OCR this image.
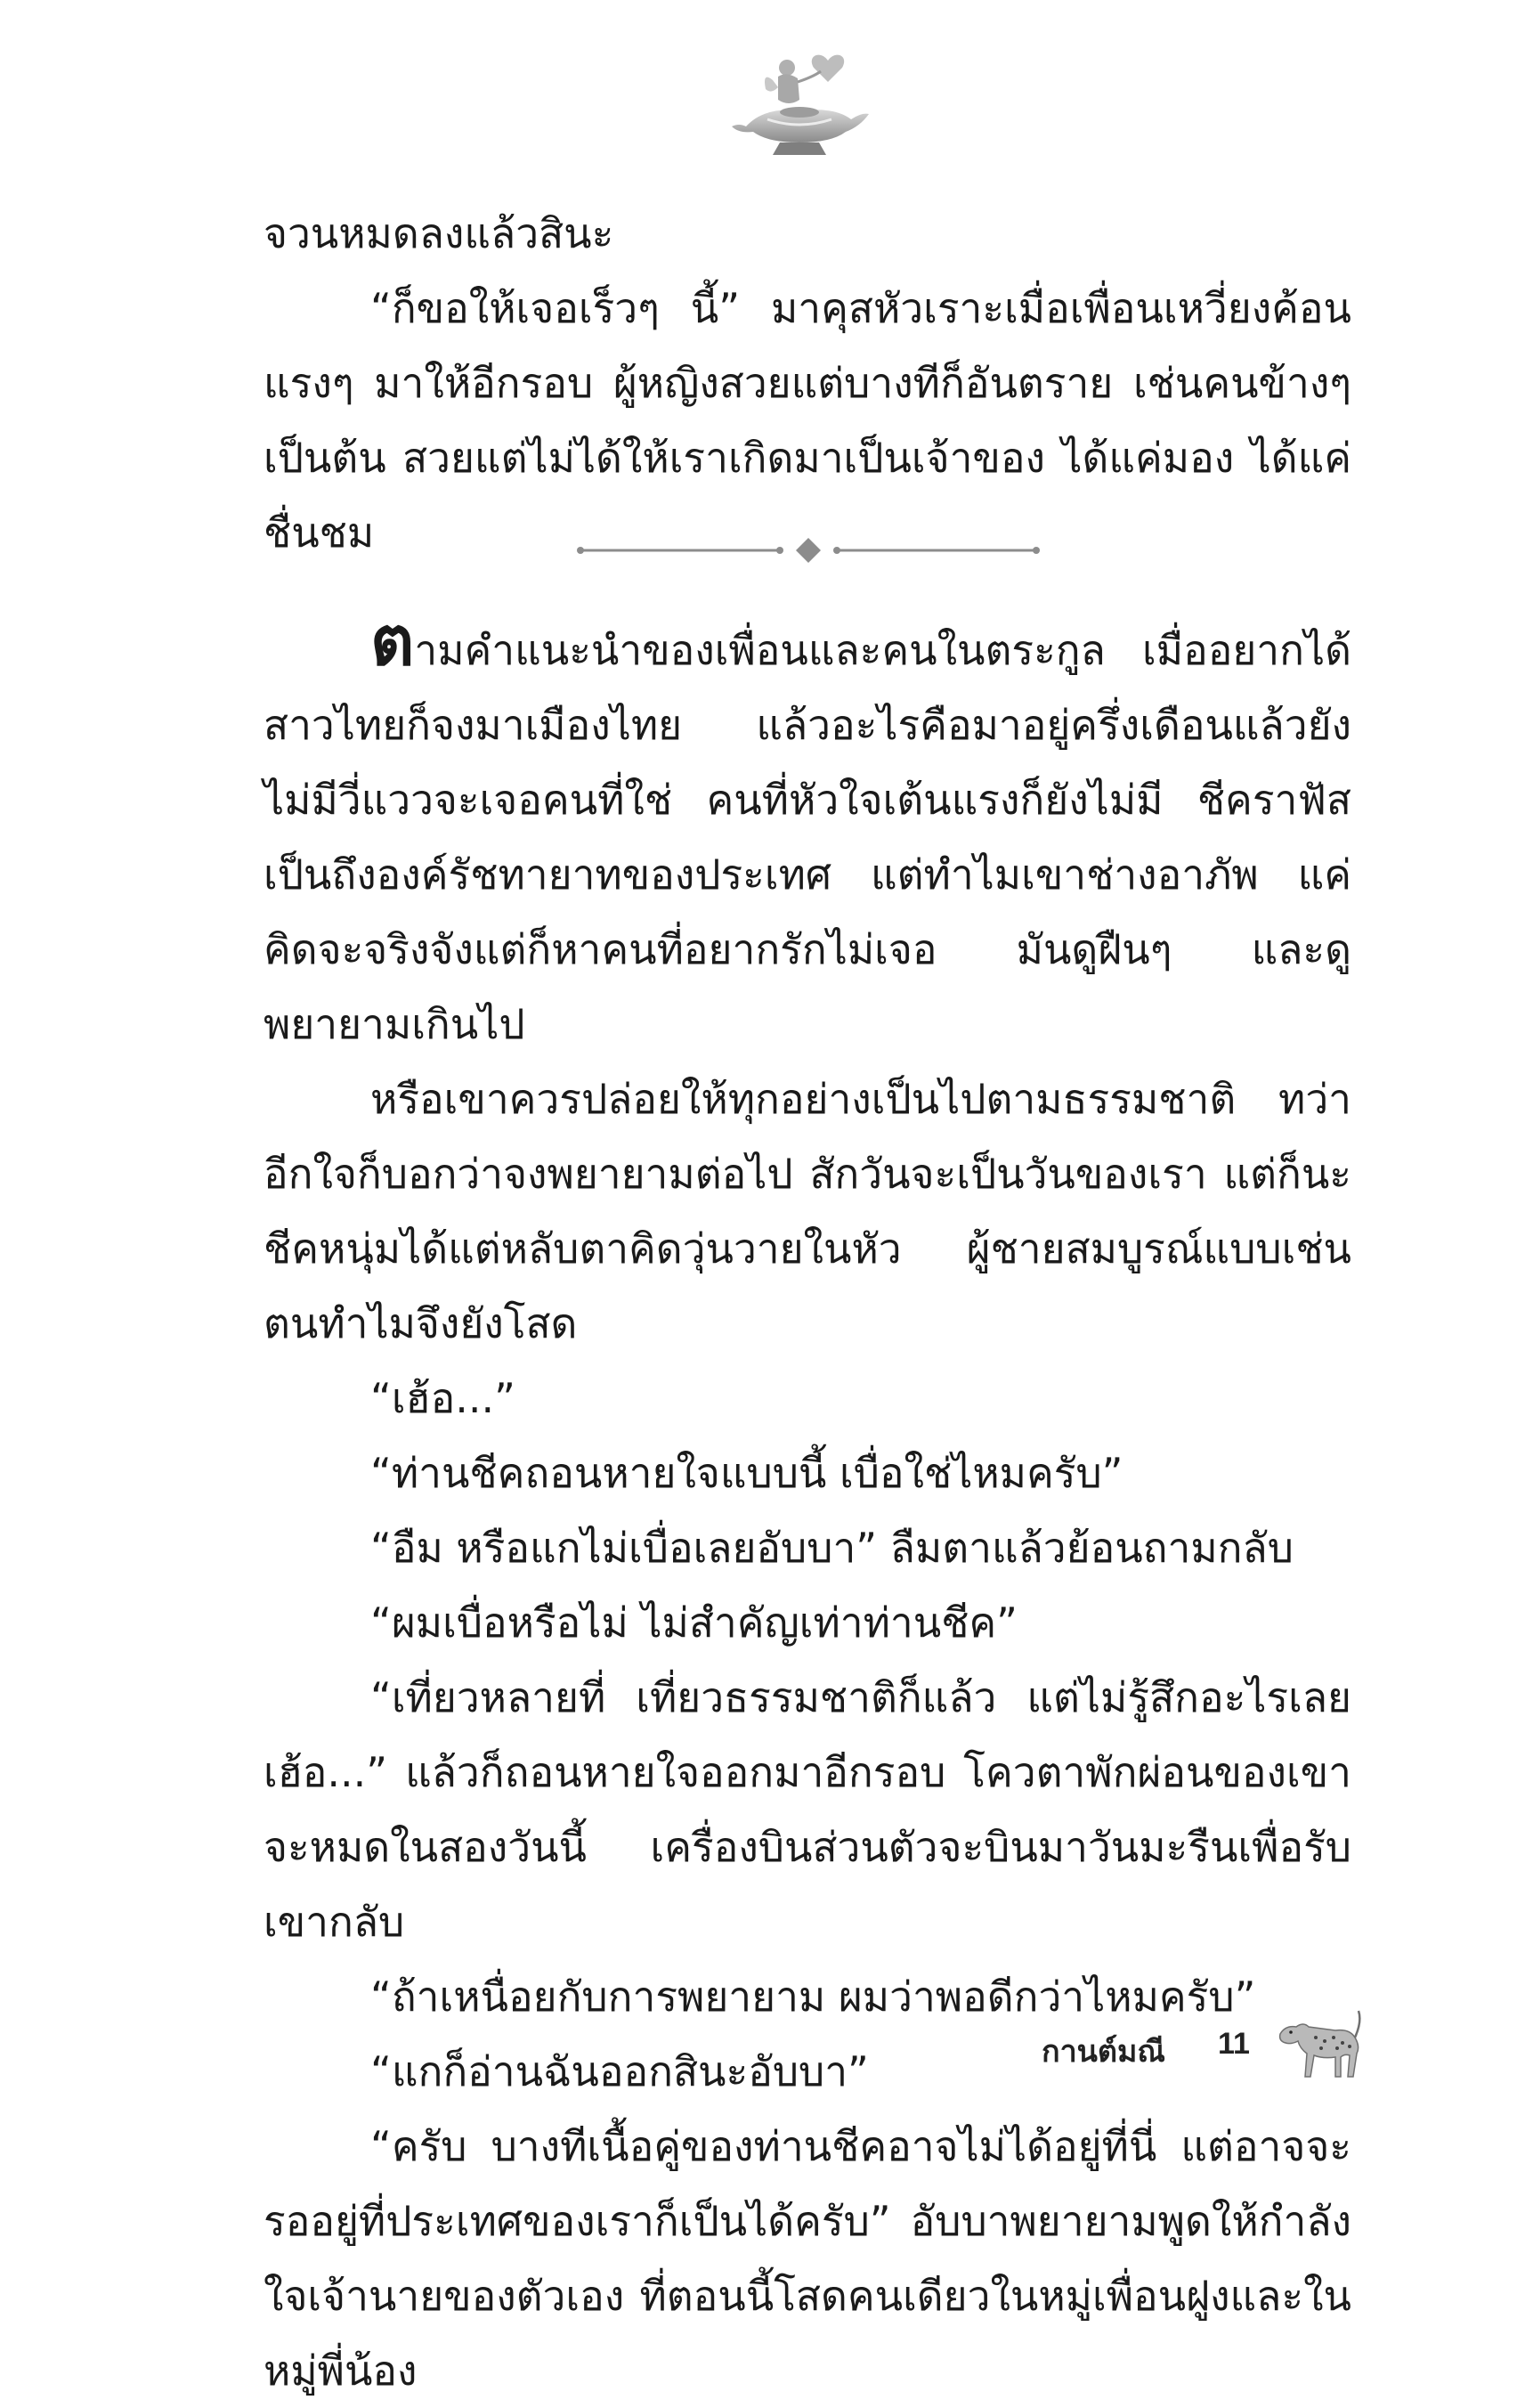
จวนหมดลงแล้วสินะ

“ก็ขอให้เจอเร็วๆ นี้” มาคุสหัวเราะเมื่อเพื่อนเหวี่ยงค้อนแรงๆ มาให้อีกรอบ ผู้หญิงสวยแต่บางทีก็อันตราย เช่นคนข้างๆ เป็นต้น สวยแต่ไม่ได้ให้เราเกิดมาเป็นเจ้าของ ได้แค่มอง ได้แค่ชื่นชม

ตามคำแนะนำของเพื่อนและคนในตระกูล เมื่ออยากได้สาวไทยก็จงมาเมืองไทย แล้วอะไรคือมาอยู่ครึ่งเดือนแล้วยังไม่มีวี่แววจะเจอคนที่ใช่ คนที่หัวใจเต้นแรงก็ยังไม่มี ชีคราฟัส เป็นถึงองค์รัชทายาทของประเทศ แต่ทำไมเขาช่างอาภัพ แค่คิดจะจริงจังแต่ก็หาคนที่อยากรักไม่เจอ มันดูฝืนๆ และดูพยายามเกินไป

หรือเขาควรปล่อยให้ทุกอย่างเป็นไปตามธรรมชาติ ทว่าอีกใจก็บอกว่าจงพยายามต่อไป สักวันจะเป็นวันของเรา แต่ก็นะ ชีคหนุ่มได้แต่หลับตาคิดวุ่นวายในหัว ผู้ชายสมบูรณ์แบบเช่นตนทำไมจึงยังโสด

“เฮ้อ...”

“ท่านชีคถอนหายใจแบบนี้ เบื่อใช่ไหมครับ”

“อืม หรือแกไม่เบื่อเลยอับบา” ลืมตาแล้วย้อนถามกลับ

“ผมเบื่อหรือไม่ ไม่สำคัญเท่าท่านชีค”

“เที่ยวหลายที่ เที่ยวธรรมชาติก็แล้ว แต่ไม่รู้สึกอะไรเลย เฮ้อ...” แล้วก็ถอนหายใจออกมาอีกรอบ โควตาพักผ่อนของเขาจะหมดในสองวันนี้ เครื่องบินส่วนตัวจะบินมาวันมะรืนเพื่อรับเขากลับ

“ถ้าเหนื่อยกับการพยายาม ผมว่าพอดีกว่าไหมครับ”

“แกก็อ่านฉันออกสินะอับบา”

“ครับ บางทีเนื้อคู่ของท่านชีคอาจไม่ได้อยู่ที่นี่ แต่อาจจะรออยู่ที่ประเทศของเราก็เป็นได้ครับ” อับบาพยายามพูดให้กำลังใจเจ้านายของตัวเอง ที่ตอนนี้โสดคนเดียวในหมู่เพื่อนฝูงและในหมู่พี่น้อง

กานต์มณี 11
